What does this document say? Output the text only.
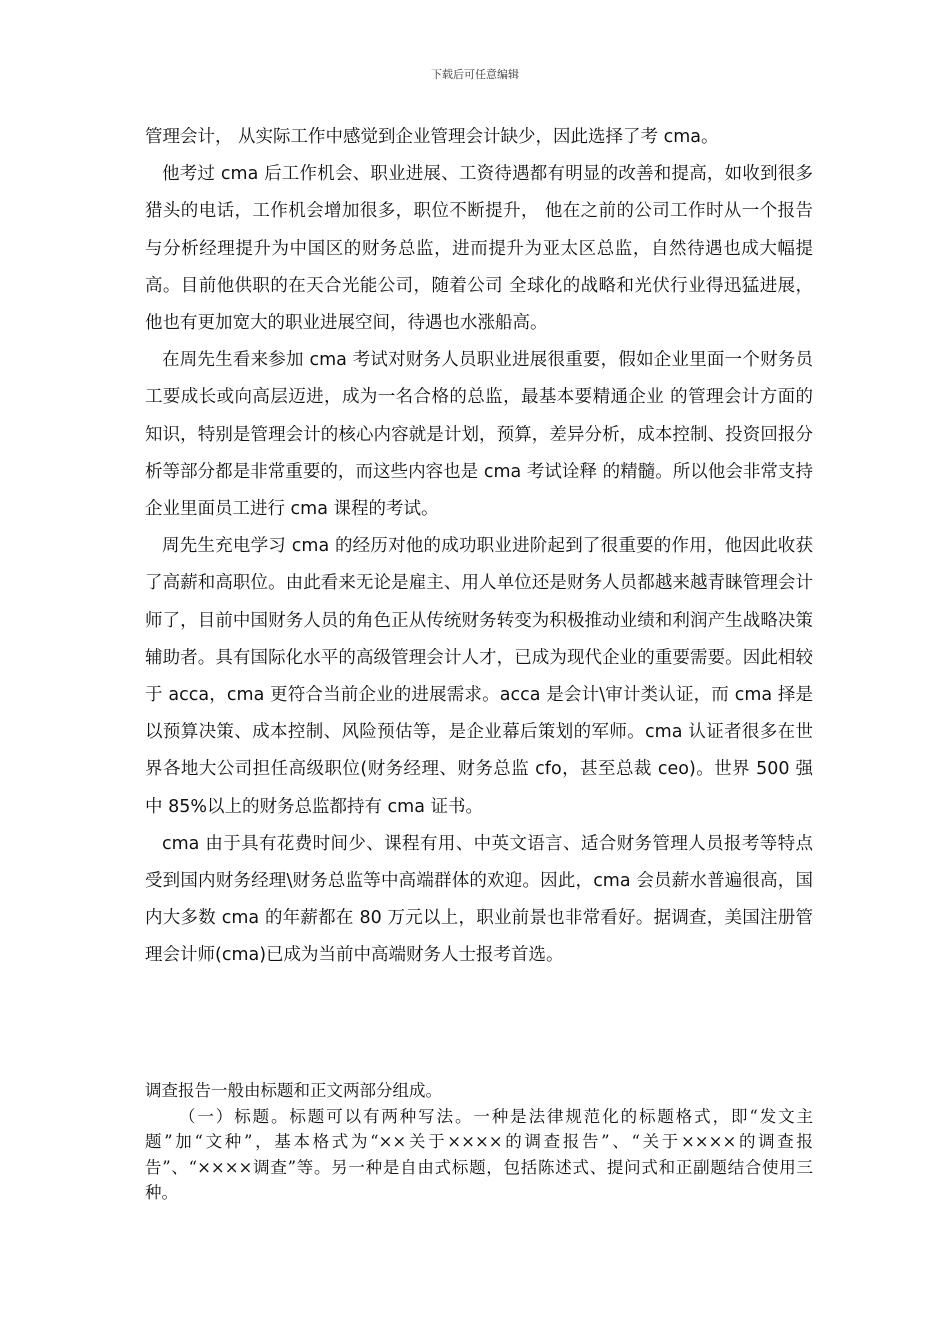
下载后可任意编辑

管理会计， 从实际工作中感觉到企业管理会计缺少，因此选择了考 cma。

他考过 cma 后工作机会、职业进展、工资待遇都有明显的改善和提高，如收到很多猎头的电话，工作机会增加很多，职位不断提升， 他在之前的公司工作时从一个报告与分析经理提升为中国区的财务总监，进而提升为亚太区总监，自然待遇也成大幅提高。目前他供职的在天合光能公司，随着公司 全球化的战略和光伏行业得迅猛进展，他也有更加宽大的职业进展空间，待遇也水涨船高。

在周先生看来参加 cma 考试对财务人员职业进展很重要，假如企业里面一个财务员工要成长或向高层迈进，成为一名合格的总监，最基本要精通企业 的管理会计方面的知识，特别是管理会计的核心内容就是计划，预算，差异分析，成本控制、投资回报分析等部分都是非常重要的，而这些内容也是 cma 考试诠释 的精髓。所以他会非常支持企业里面员工进行 cma 课程的考试。

周先生充电学习 cma 的经历对他的成功职业进阶起到了很重要的作用，他因此收获了高薪和高职位。由此看来无论是雇主、用人单位还是财务人员都越来越青睐管理会计师了，目前中国财务人员的角色正从传统财务转变为积极推动业绩和利润产生战略决策辅助者。具有国际化水平的高级管理会计人才，已成为现代企业的重要需要。因此相较于 acca，cma 更符合当前企业的进展需求。acca 是会计\审计类认证，而 cma 择是以预算决策、成本控制、风险预估等，是企业幕后策划的军师。cma 认证者很多在世界各地大公司担任高级职位(财务经理、财务总监 cfo，甚至总裁 ceo)。世界 500 强中 85%以上的财务总监都持有 cma 证书。

cma 由于具有花费时间少、课程有用、中英文语言、适合财务管理人员报考等特点受到国内财务经理\财务总监等中高端群体的欢迎。因此，cma 会员薪水普遍很高，国内大多数 cma 的年薪都在 80 万元以上，职业前景也非常看好。据调查，美国注册管理会计师(cma)已成为当前中高端财务人士报考首选。

调查报告一般由标题和正文两部分组成。

（一）标题。标题可以有两种写法。一种是法律规范化的标题格式，即“发文主题”加“文种”，基本格式为“××关于××××的调查报告”、“关于××××的调查报告”、“××××调查”等。另一种是自由式标题，包括陈述式、提问式和正副题结合使用三种。
